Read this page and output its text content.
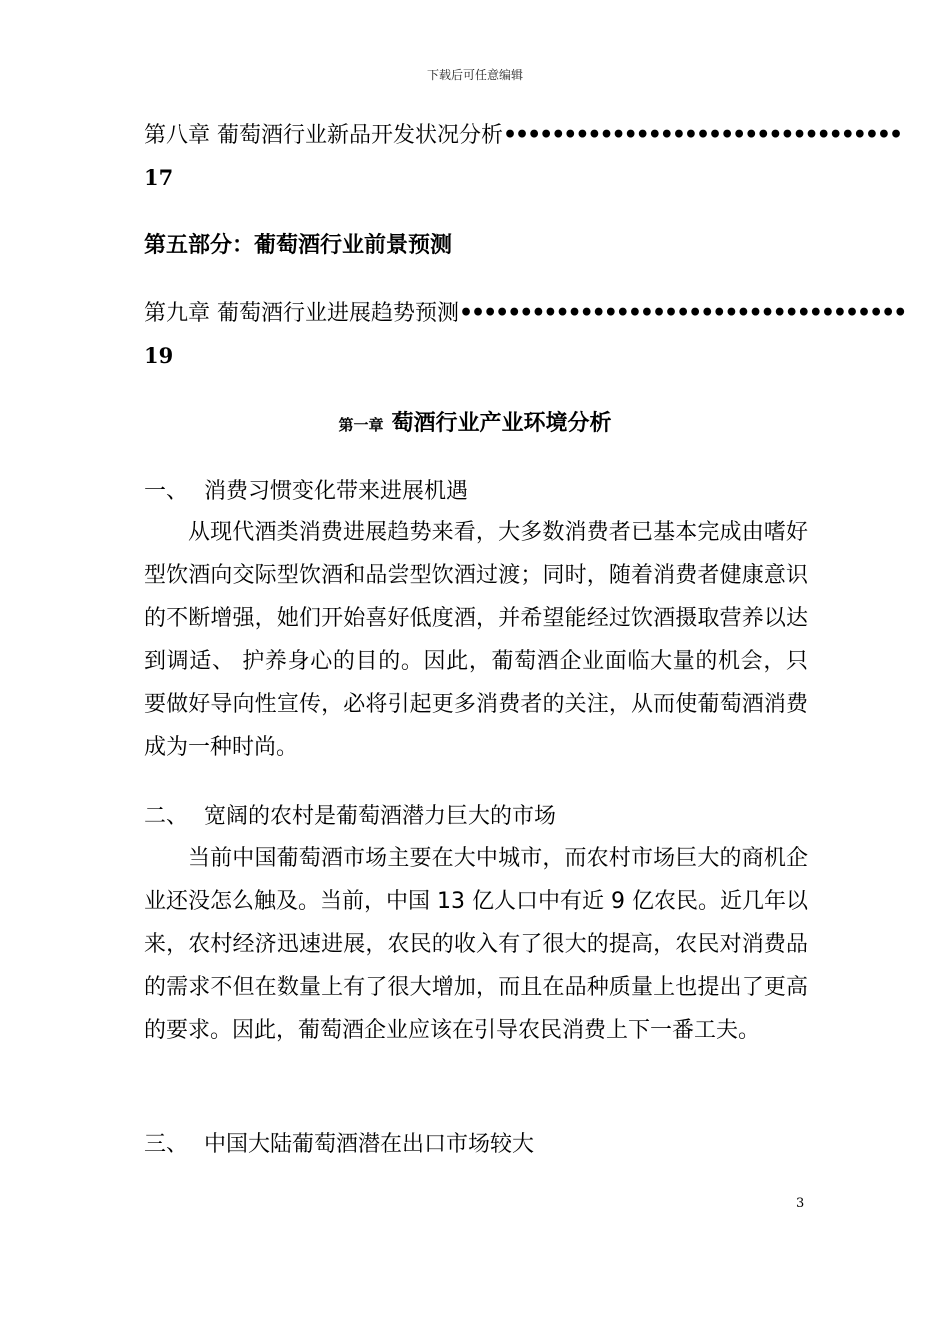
下载后可任意编辑
第八章 葡萄酒行业新品开发状况分析•••••••••••••••••••••••••••••••••
17
第五部分：葡萄酒行业前景预测
第九章 葡萄酒行业进展趋势预测•••••••••••••••••••••••••••••••••••••
19
第一章 萄酒行业产业环境分析
一、 消费习惯变化带来进展机遇
从现代酒类消费进展趋势来看，大多数消费者已基本完成由嗜好型饮酒向交际型饮酒和品尝型饮酒过渡；同时，随着消费者健康意识的不断增强，她们开始喜好低度酒，并希望能经过饮酒摄取营养以达到调适、 护养身心的目的。因此，葡萄酒企业面临大量的机会，只要做好导向性宣传，必将引起更多消费者的关注，从而使葡萄酒消费成为一种时尚。
二、 宽阔的农村是葡萄酒潜力巨大的市场
当前中国葡萄酒市场主要在大中城市，而农村市场巨大的商机企业还没怎么触及。当前，中国 13 亿人口中有近 9 亿农民。近几年以来，农村经济迅速进展，农民的收入有了很大的提高，农民对消费品的需求不但在数量上有了很大增加，而且在品种质量上也提出了更高的要求。因此，葡萄酒企业应该在引导农民消费上下一番工夫。
三、 中国大陆葡萄酒潜在出口市场较大
3
